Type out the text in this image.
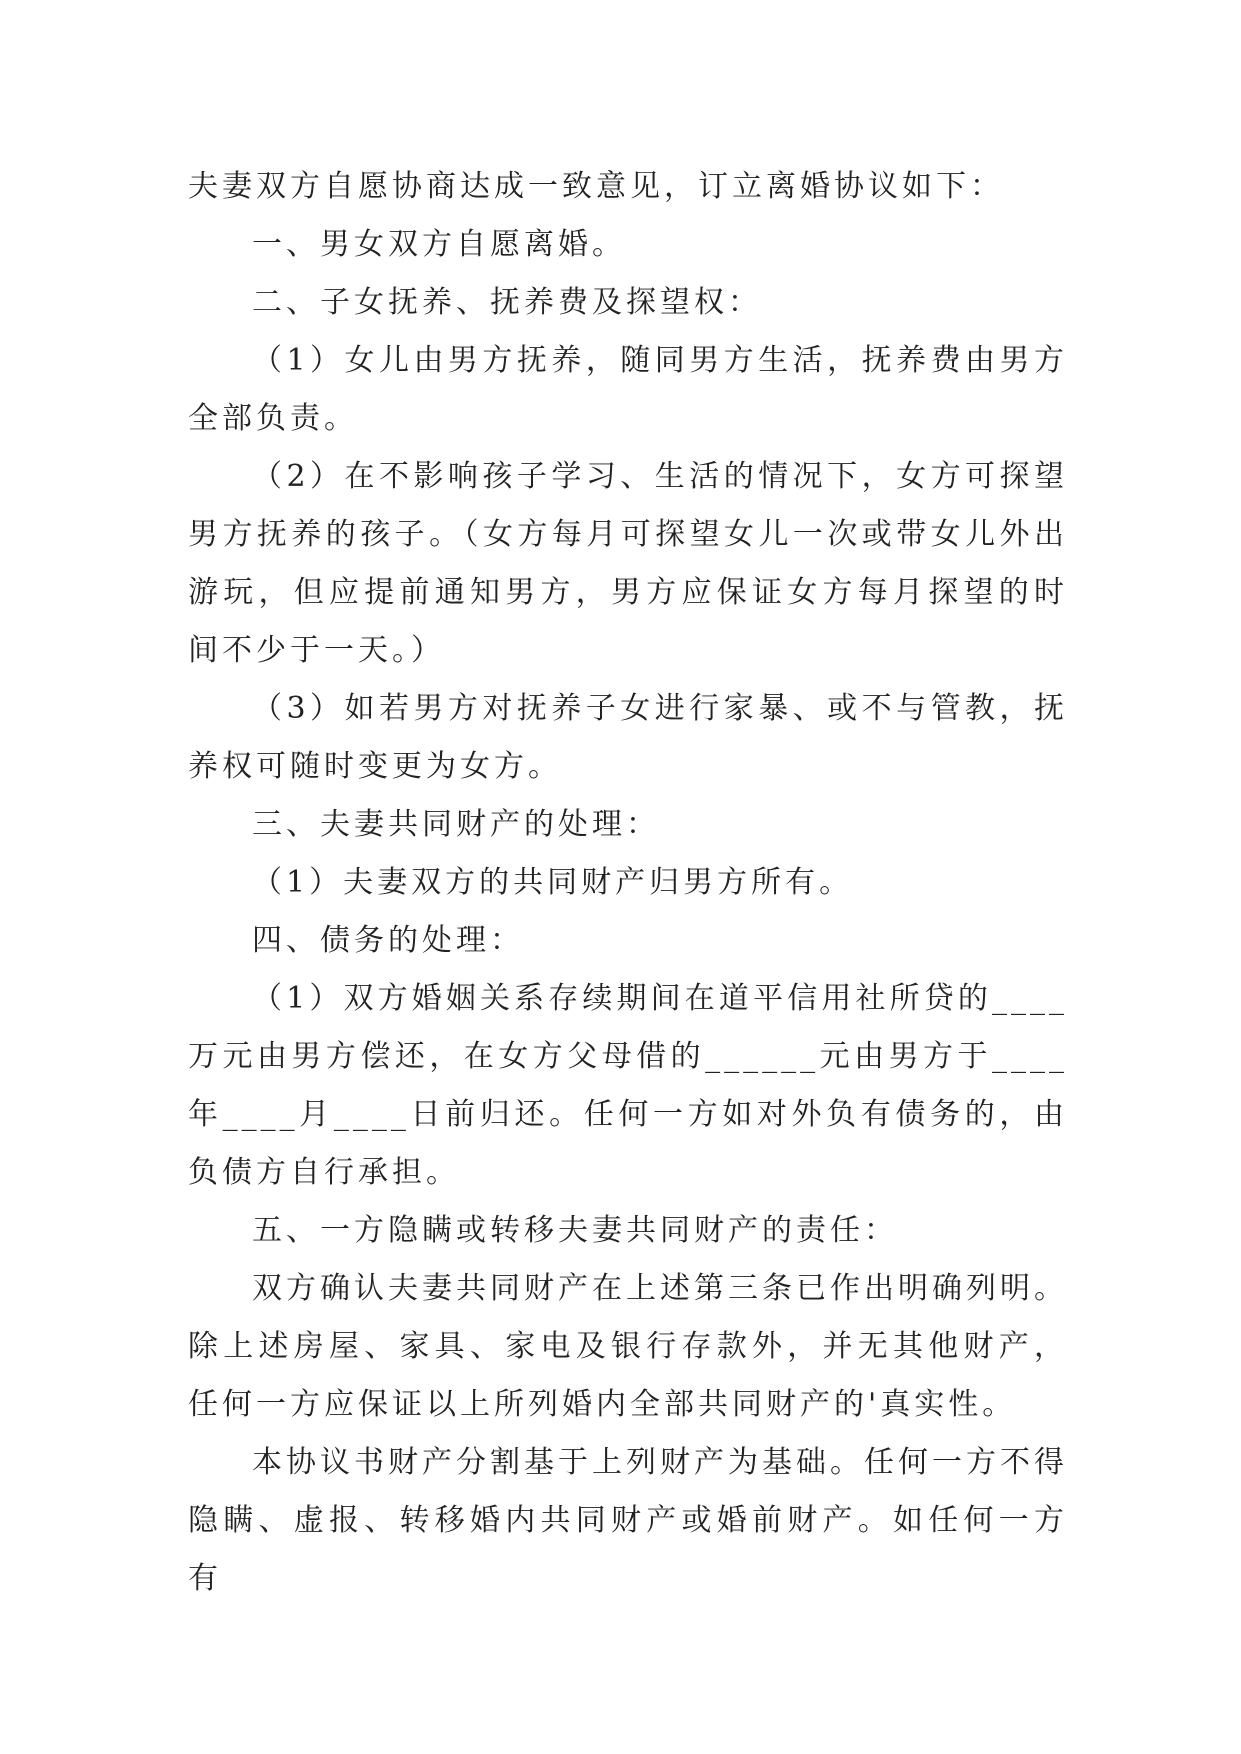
夫妻双方自愿协商达成一致意见，订立离婚协议如下：

一、男女双方自愿离婚。

二、子女抚养、抚养费及探望权：

（1）女儿由男方抚养，随同男方生活，抚养费由男方全部负责。

（2）在不影响孩子学习、生活的情况下，女方可探望男方抚养的孩子。（女方每月可探望女儿一次或带女儿外出游玩，但应提前通知男方，男方应保证女方每月探望的时间不少于一天。）

（3）如若男方对抚养子女进行家暴、或不与管教，抚养权可随时变更为女方。

三、夫妻共同财产的处理：

（1）夫妻双方的共同财产归男方所有。

四、债务的处理：

（1）双方婚姻关系存续期间在道平信用社所贷的____万元由男方偿还，在女方父母借的______元由男方于____年____月____日前归还。任何一方如对外负有债务的，由负债方自行承担。

五、一方隐瞒或转移夫妻共同财产的责任：

双方确认夫妻共同财产在上述第三条已作出明确列明。除上述房屋、家具、家电及银行存款外，并无其他财产，任何一方应保证以上所列婚内全部共同财产的'真实性。

本协议书财产分割基于上列财产为基础。任何一方不得隐瞒、虚报、转移婚内共同财产或婚前财产。如任何一方有
